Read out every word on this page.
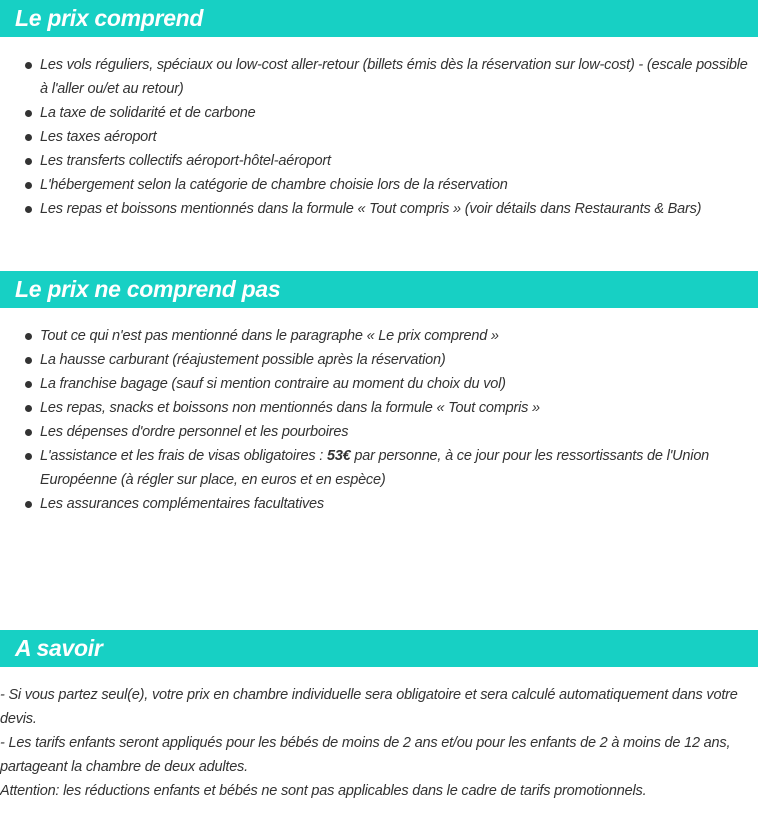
Le prix comprend
Les vols réguliers, spéciaux ou low-cost aller-retour (billets émis dès la réservation sur low-cost) - (escale possible à l'aller ou/et au retour)
La taxe de solidarité et de carbone
Les taxes aéroport
Les transferts collectifs aéroport-hôtel-aéroport
L'hébergement selon la catégorie de chambre choisie lors de la réservation
Les repas et boissons mentionnés dans la formule « Tout compris » (voir détails dans Restaurants & Bars)
Le prix ne comprend pas
Tout ce qui n'est pas mentionné dans le paragraphe « Le prix comprend »
La hausse carburant (réajustement possible après la réservation)
La franchise bagage (sauf si mention contraire au moment du choix du vol)
Les repas, snacks et boissons non mentionnés dans la formule « Tout compris »
Les dépenses d'ordre personnel et les pourboires
L'assistance et les frais de visas obligatoires : 53€ par personne, à ce jour pour les ressortissants de l'Union Européenne (à régler sur place, en euros et en espèce)
Les assurances complémentaires facultatives
A savoir

- Si vous partez seul(e), votre prix en chambre individuelle sera obligatoire et sera calculé automatiquement dans votre devis.

- Les tarifs enfants seront appliqués pour les bébés de moins de 2 ans et/ou pour les enfants de 2 à moins de 12 ans, partageant la chambre de deux adultes.

Attention: les réductions enfants et bébés ne sont pas applicables dans le cadre de tarifs promotionnels.
